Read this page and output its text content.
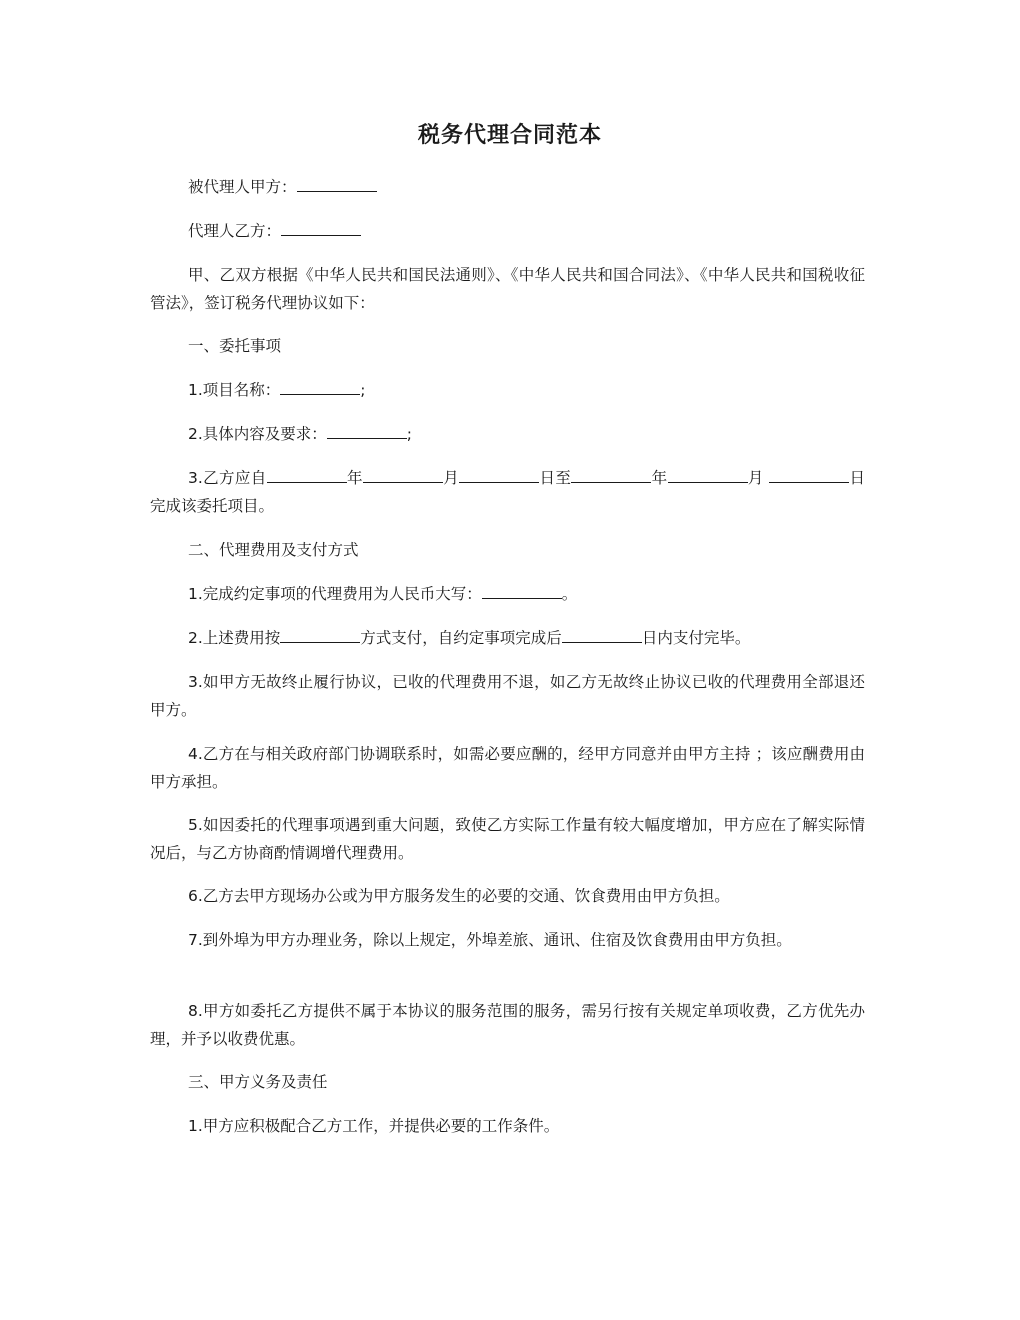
税务代理合同范本

被代理人甲方：

代理人乙方：

甲、乙双方根据《中华人民共和国民法通则》、《中华人民共和国合同法》、《中华人民共和国税收征管法》，签订税务代理协议如下：

一、委托事项

1.项目名称：	;

2.具体内容及要求：	;

3.乙方应自	年	月	日至	年	月	日完成该委托项目。

二、代理费用及支付方式

1.完成约定事项的代理费用为人民币大写：	。

2.上述费用按	方式支付，自约定事项完成后	日内支付完毕。

3.如甲方无故终止履行协议，已收的代理费用不退，如乙方无故终止协议已收的代理费用全部退还甲方。

4.乙方在与相关政府部门协调联系时，如需必要应酬的，经甲方同意并由甲方主持 ；该应酬费用由甲方承担。

5.如因委托的代理事项遇到重大问题，致使乙方实际工作量有较大幅度增加，甲方应在了解实际情况后，与乙方协商酌情调增代理费用。

6.乙方去甲方现场办公或为甲方服务发生的必要的交通、饮食费用由甲方负担。

7.到外埠为甲方办理业务，除以上规定，外埠差旅、通讯、住宿及饮食费用由甲方负担。

8.甲方如委托乙方提供不属于本协议的服务范围的服务，需另行按有关规定单项收费，乙方优先办理，并予以收费优惠。

三、甲方义务及责任

1.甲方应积极配合乙方工作，并提供必要的工作条件。
